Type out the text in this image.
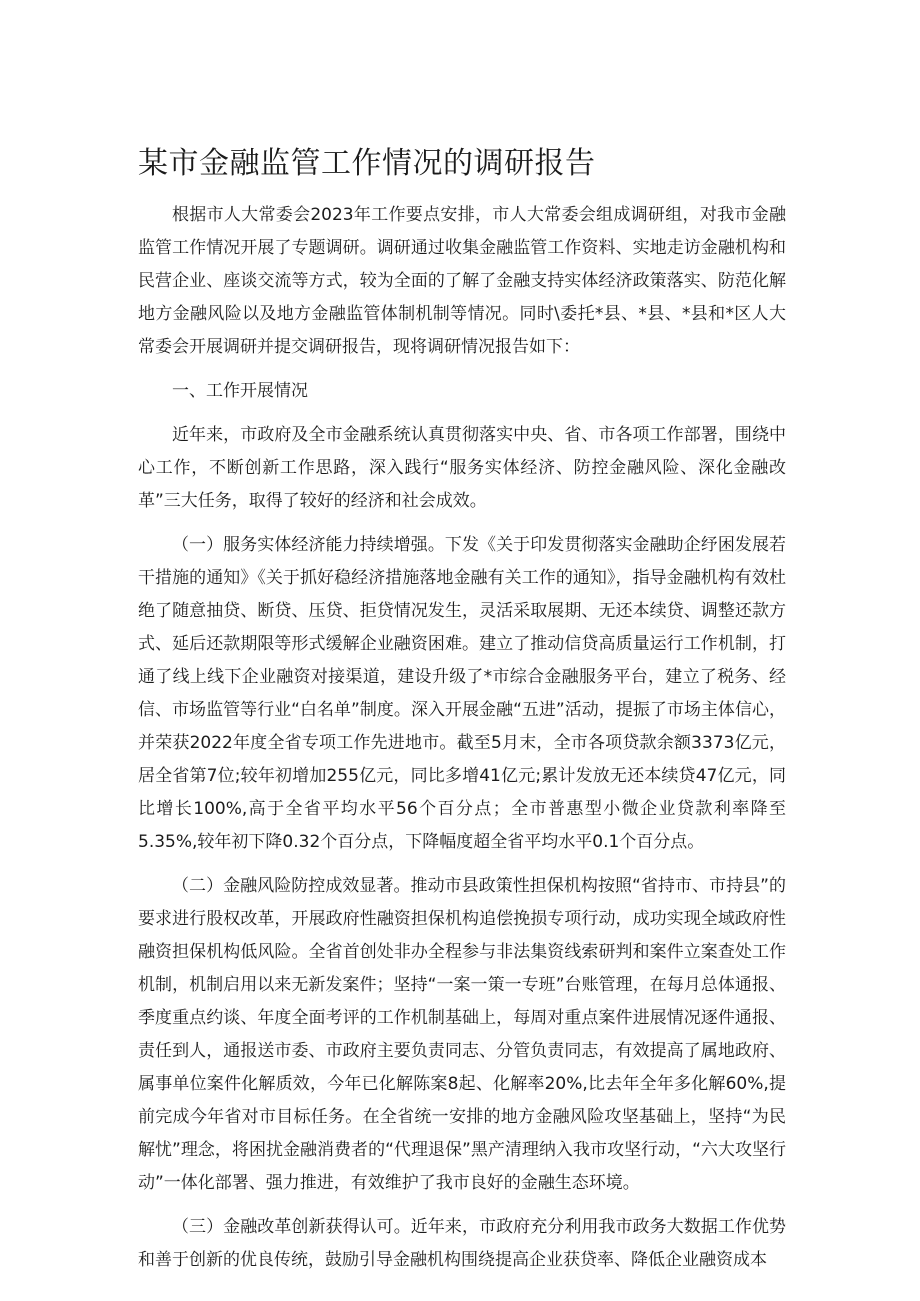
某市金融监管工作情况的调研报告

根据市人大常委会2023年工作要点安排，市人大常委会组成调研组，对我市金融监管工作情况开展了专题调研。调研通过收集金融监管工作资料、实地走访金融机构和民营企业、座谈交流等方式，较为全面的了解了金融支持实体经济政策落实、防范化解地方金融风险以及地方金融监管体制机制等情况。同时\委托*县、*县、*县和*区人大常委会开展调研并提交调研报告，现将调研情况报告如下：

一、工作开展情况

近年来，市政府及全市金融系统认真贯彻落实中央、省、市各项工作部署，围绕中心工作，不断创新工作思路，深入践行“服务实体经济、防控金融风险、深化金融改革”三大任务，取得了较好的经济和社会成效。

（一）服务实体经济能力持续增强。下发《关于印发贯彻落实金融助企纾困发展若干措施的通知》《关于抓好稳经济措施落地金融有关工作的通知》，指导金融机构有效杜绝了随意抽贷、断贷、压贷、拒贷情况发生，灵活采取展期、无还本续贷、调整还款方式、延后还款期限等形式缓解企业融资困难。建立了推动信贷高质量运行工作机制，打通了线上线下企业融资对接渠道，建设升级了*市综合金融服务平台，建立了税务、经信、市场监管等行业“白名单”制度。深入开展金融“五进”活动，提振了市场主体信心，并荣获2022年度全省专项工作先进地市。截至5月末，全市各项贷款余额3373亿元，居全省第7位;较年初增加255亿元，同比多增41亿元;累计发放无还本续贷47亿元，同比增长100%,高于全省平均水平56个百分点；全市普惠型小微企业贷款利率降至5.35%,较年初下降0.32个百分点，下降幅度超全省平均水平0.1个百分点。

（二）金融风险防控成效显著。推动市县政策性担保机构按照“省持市、市持县”的要求进行股权改革，开展政府性融资担保机构追偿挽损专项行动，成功实现全域政府性融资担保机构低风险。全省首创处非办全程参与非法集资线索研判和案件立案查处工作机制，机制启用以来无新发案件；坚持“一案一策一专班”台账管理，在每月总体通报、季度重点约谈、年度全面考评的工作机制基础上，每周对重点案件进展情况逐件通报、责任到人，通报送市委、市政府主要负责同志、分管负责同志，有效提高了属地政府、属事单位案件化解质效，今年已化解陈案8起、化解率20%,比去年全年多化解60%,提前完成今年省对市目标任务。在全省统一安排的地方金融风险攻坚基础上，坚持“为民解忧”理念，将困扰金融消费者的“代理退保”黑产清理纳入我市攻坚行动，“六大攻坚行动”一体化部署、强力推进，有效维护了我市良好的金融生态环境。

（三）金融改革创新获得认可。近年来，市政府充分利用我市政务大数据工作优势和善于创新的优良传统，鼓励引导金融机构围绕提高企业获贷率、降低企业融资成本
